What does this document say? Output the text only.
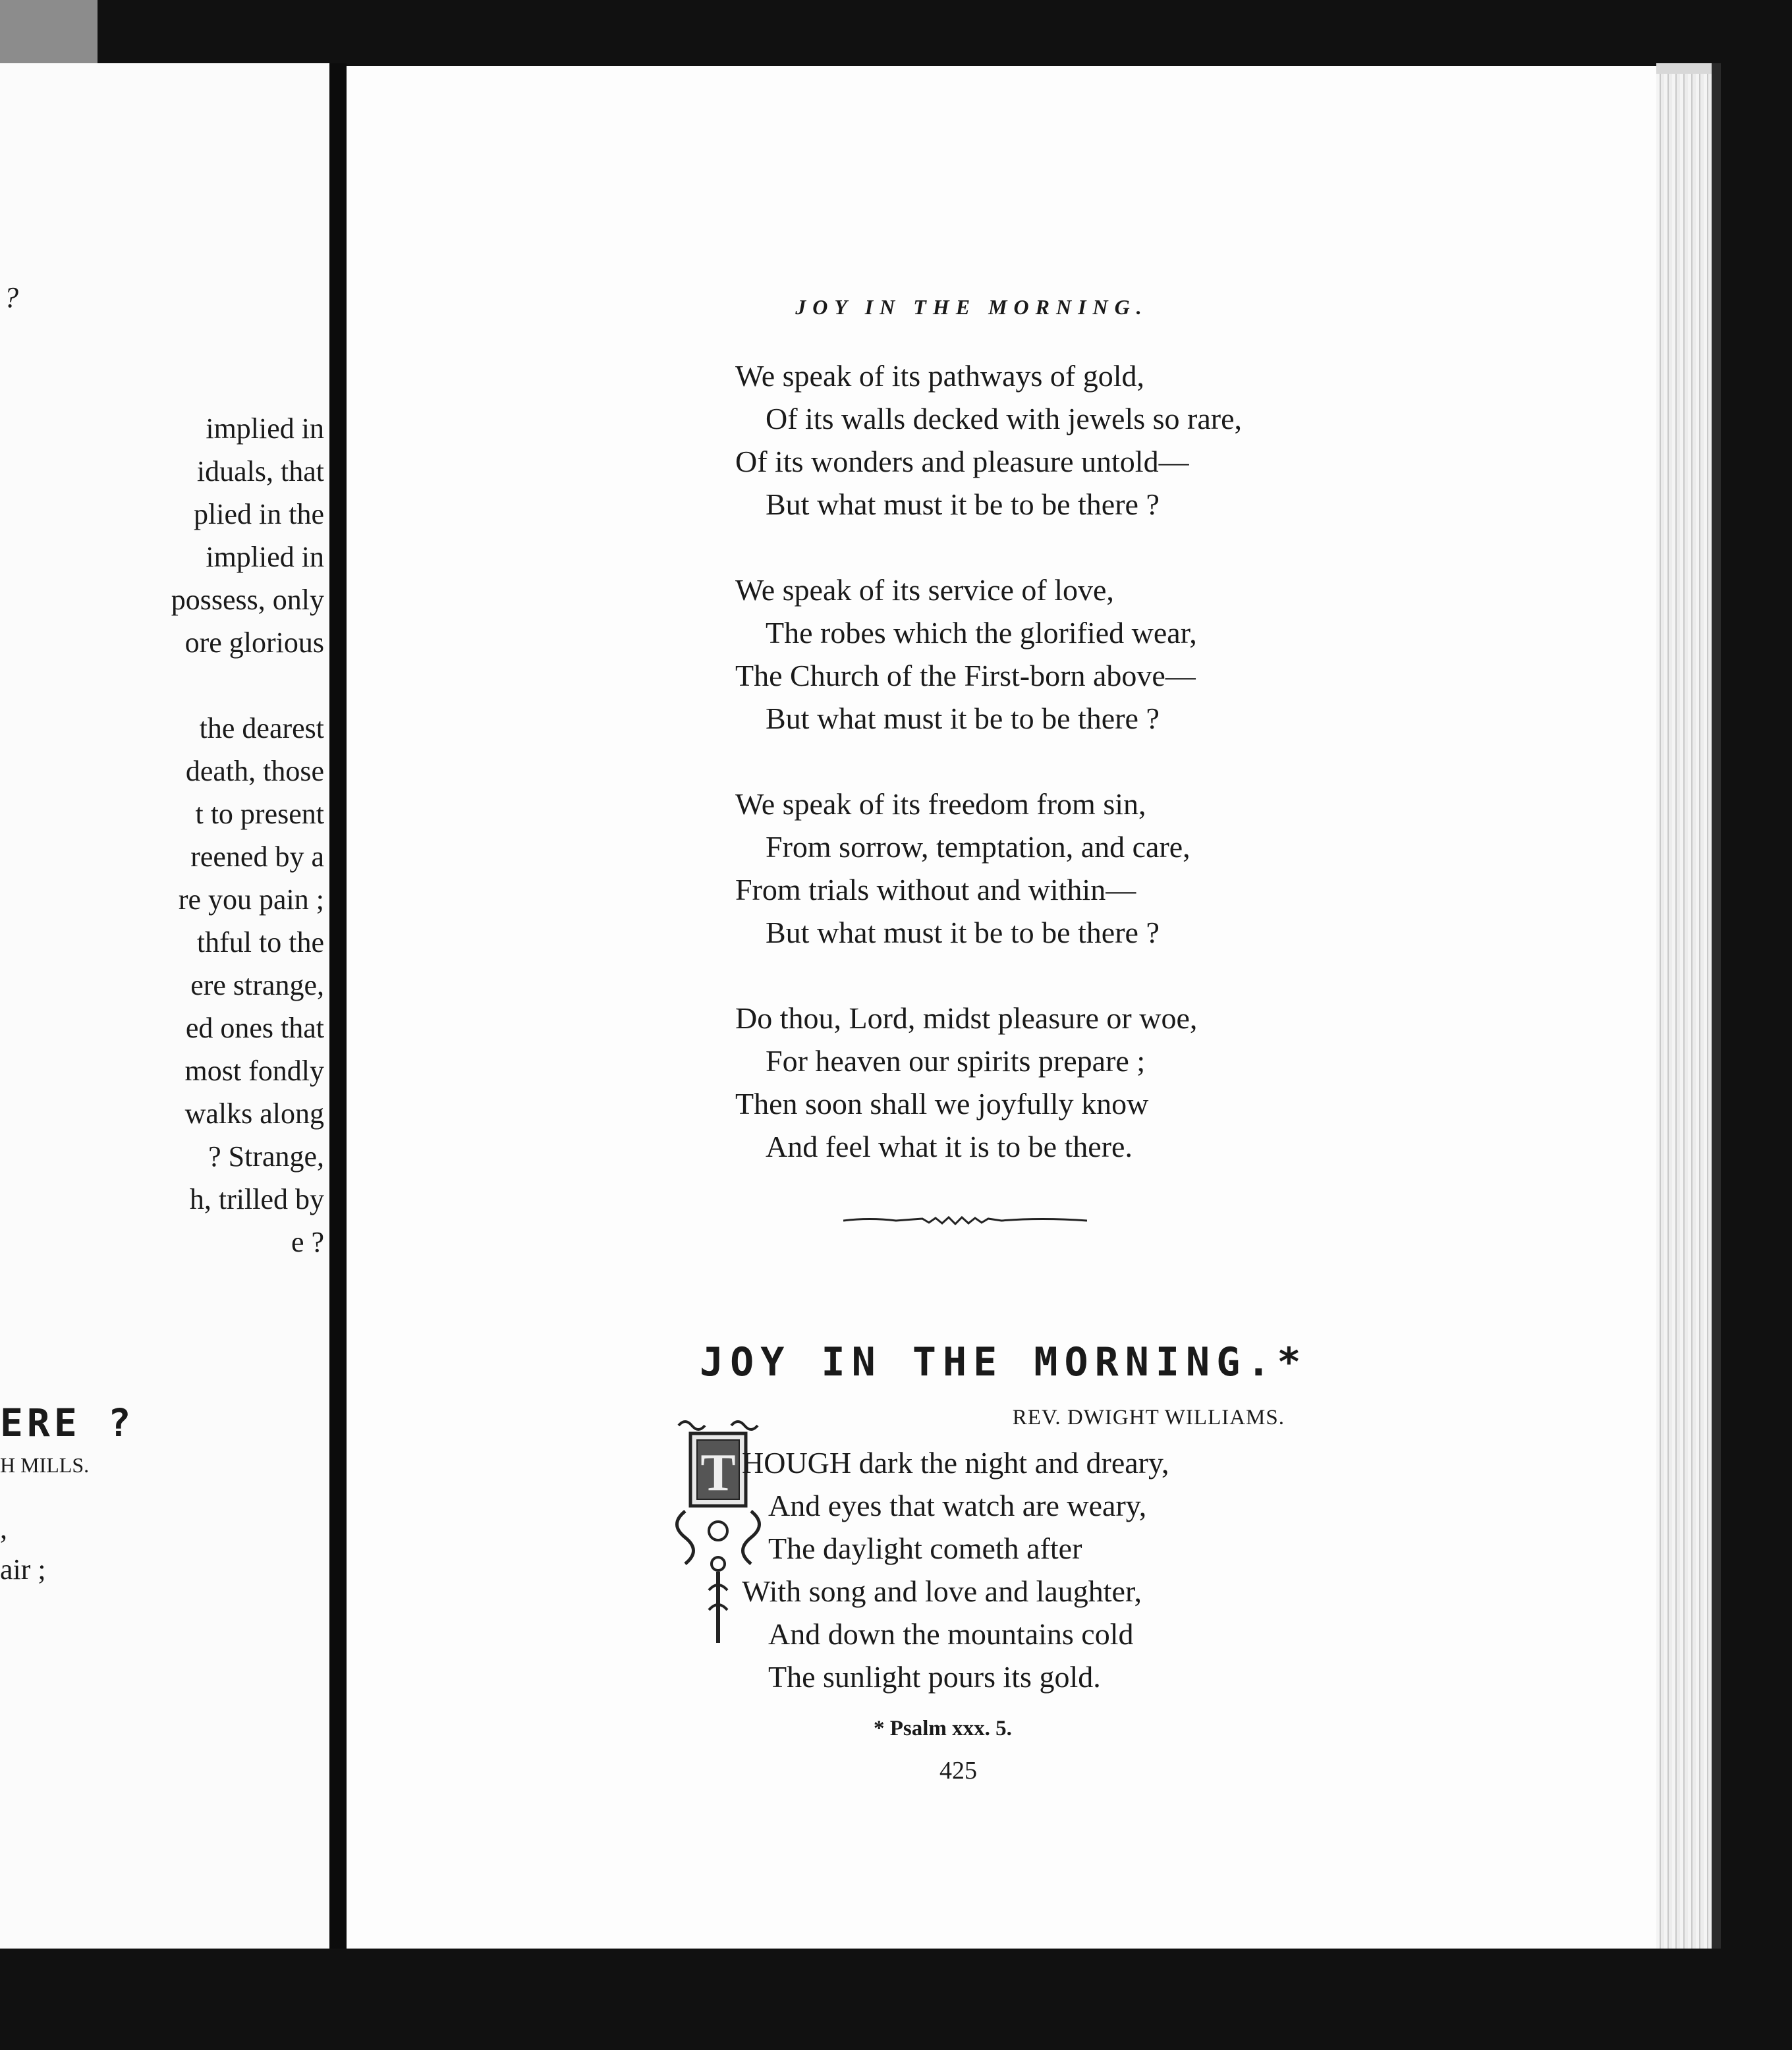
?
implied in
iduals, that
plied in the
implied in
possess, only
ore glorious

the dearest
death, those
t to present
reened by a
re you pain ;
thful to the
ere strange,
ed ones that
most fondly
walks along
? Strange,
h, trilled by
e ?
ERE ?
H MILLS.
,
air ;
JOY IN THE MORNING.
We speak of its pathways of gold,
Of its walls decked with jewels so rare,
Of its wonders and pleasure untold—
But what must it be to be there ?
We speak of its service of love,
The robes which the glorified wear,
The Church of the First-born above—
But what must it be to be there ?
We speak of its freedom from sin,
From sorrow, temptation, and care,
From trials without and within—
But what must it be to be there ?
Do thou, Lord, midst pleasure or woe,
For heaven our spirits prepare ;
Then soon shall we joyfully know
And feel what it is to be there.
JOY IN THE MORNING.*
REV. DWIGHT WILLIAMS.
T HOUGH dark the night and dreary,
And eyes that watch are weary,
The daylight cometh after
With song and love and laughter,
And down the mountains cold
The sunlight pours its gold.
* Psalm xxx. 5.
425
